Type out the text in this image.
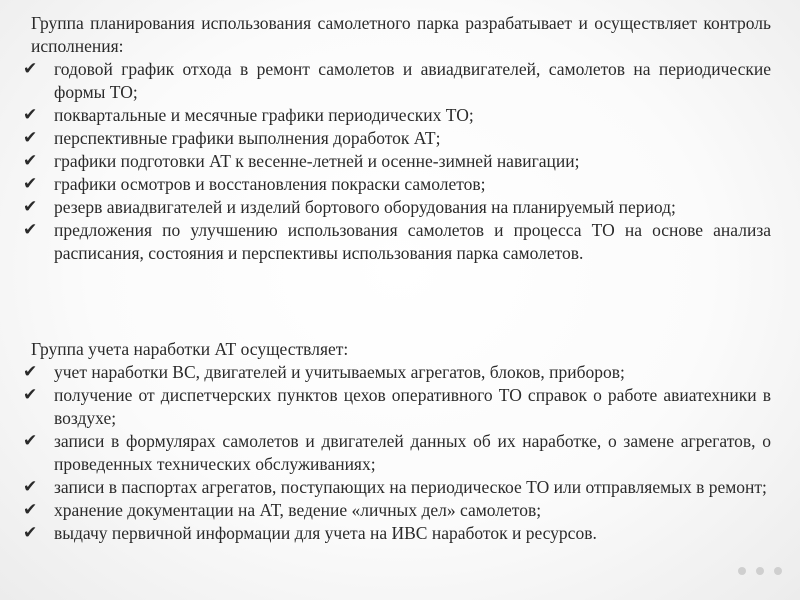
Группа планирования использования самолетного парка разрабатывает и осуществляет контроль исполнения:

✔ годовой график отхода в ремонт самолетов и авиадвигателей, самолетов на периодические формы ТО;
✔ поквартальные и месячные графики периодических ТО;
✔ перспективные графики выполнения доработок АТ;
✔ графики подготовки АТ к весенне-летней и осенне-зимней навигации;
✔ графики осмотров и восстановления покраски самолетов;
✔ резерв авиадвигателей и изделий бортового оборудования на планируемый период;
✔ предложения по улучшению использования самолетов и процесса ТО на основе анализа расписания, состояния и перспективы использования парка самолетов.

Группа учета наработки АТ осуществляет:

✔ учет наработки ВС, двигателей и учитываемых агрегатов, блоков, приборов;
✔ получение от диспетчерских пунктов цехов оперативного ТО справок о работе авиатехники в воздухе;
✔ записи в формулярах самолетов и двигателей данных об их наработке, о замене агрегатов, о проведенных технических обслуживаниях;
✔ записи в паспортах агрегатов, поступающих на периодическое ТО или отправляемых в ремонт;
✔ хранение документации на АТ, ведение «личных дел» самолетов;
✔ выдачу первичной информации для учета на ИВС наработок и ресурсов.
